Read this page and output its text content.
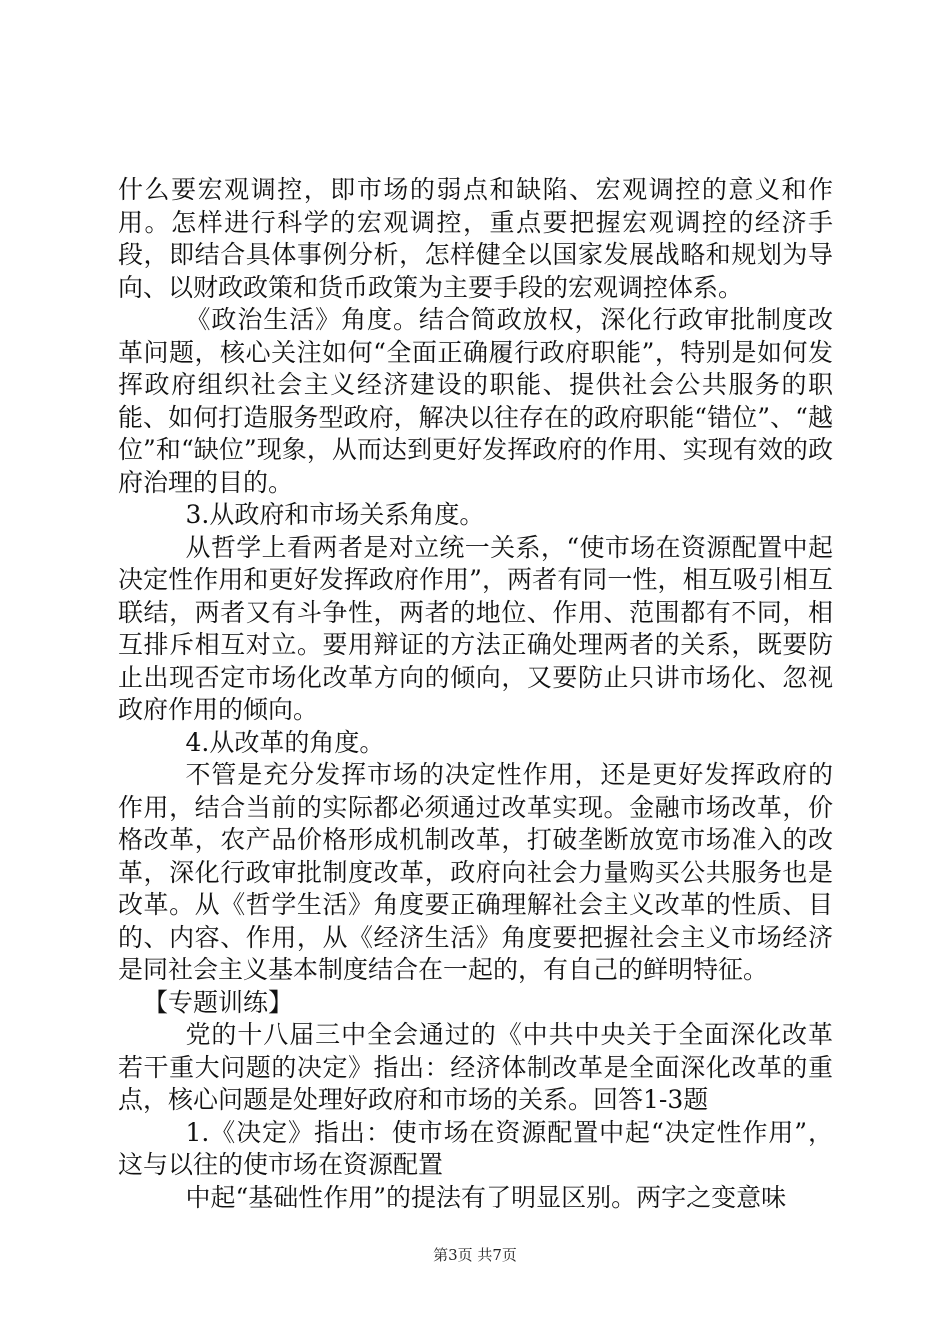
什么要宏观调控，即市场的弱点和缺陷、宏观调控的意义和作用。怎样进行科学的宏观调控，重点要把握宏观调控的经济手段，即结合具体事例分析，怎样健全以国家发展战略和规划为导向、以财政政策和货币政策为主要手段的宏观调控体系。

《政治生活》角度。结合简政放权，深化行政审批制度改革问题，核心关注如何“全面正确履行政府职能”，特别是如何发挥政府组织社会主义经济建设的职能、提供社会公共服务的职能、如何打造服务型政府，解决以往存在的政府职能“错位”、“越位”和“缺位”现象，从而达到更好发挥政府的作用、实现有效的政府治理的目的。

3.从政府和市场关系角度。

从哲学上看两者是对立统一关系，“使市场在资源配置中起决定性作用和更好发挥政府作用”，两者有同一性，相互吸引相互联结，两者又有斗争性，两者的地位、作用、范围都有不同，相互排斥相互对立。要用辩证的方法正确处理两者的关系，既要防止出现否定市场化改革方向的倾向，又要防止只讲市场化、忽视政府作用的倾向。

4.从改革的角度。

不管是充分发挥市场的决定性作用，还是更好发挥政府的作用，结合当前的实际都必须通过改革实现。金融市场改革，价格改革，农产品价格形成机制改革，打破垄断放宽市场准入的改革，深化行政审批制度改革，政府向社会力量购买公共服务也是改革。从《哲学生活》角度要正确理解社会主义改革的性质、目的、内容、作用，从《经济生活》角度要把握社会主义市场经济是同社会主义基本制度结合在一起的，有自己的鲜明特征。

【专题训练】

党的十八届三中全会通过的《中共中央关于全面深化改革若干重大问题的决定》指出：经济体制改革是全面深化改革的重点，核心问题是处理好政府和市场的关系。回答1-3题

1.《决定》指出：使市场在资源配置中起“决定性作用”，这与以往的使市场在资源配置

中起“基础性作用”的提法有了明显区别。两字之变意味

第3页 共7页
